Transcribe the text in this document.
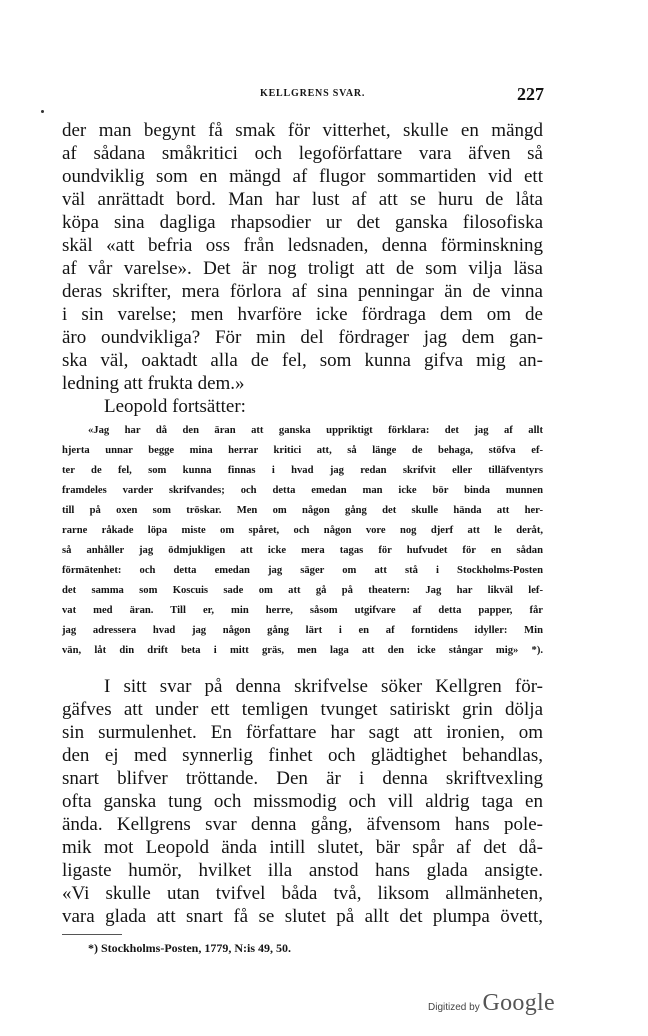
KELLGRENS SVAR.	227
der man begynt få smak för vitterhet, skulle en mängd
af sådana småkritici och legoförfattare vara äfven så
oundviklig som en mängd af flugor sommartiden vid ett
väl anrättadt bord. Man har lust af att se huru de låta
köpa sina dagliga rhapsodier ur det ganska filosofiska
skäl «att befria oss från ledsnaden, denna förminskning
af vår varelse». Det är nog troligt att de som vilja läsa
deras skrifter, mera förlora af sina penningar än de vinna
i sin varelse; men hvarföre icke fördraga dem om de
äro oundvikliga? För min del fördrager jag dem gan-
ska väl, oaktadt alla de fel, som kunna gifva mig an-
ledning att frukta dem.»
Leopold fortsätter:
«Jag har då den äran att ganska uppriktigt förklara: det jag af allt
hjerta unnar begge mina herrar kritici att, så länge de behaga, stöfva ef-
ter de fel, som kunna finnas i hvad jag redan skrifvit eller tilläfventyrs
framdeles varder skrifvandes; och detta emedan man icke bör binda munnen
till på oxen som tröskar. Men om någon gång det skulle hända att her-
rarne råkade löpa miste om spåret, och någon vore nog djerf att le deråt,
så anhåller jag ödmjukligen att icke mera tagas för hufvudet för en sådan
förmätenhet: och detta emedan jag säger om att stå i Stockholms-Posten
det samma som Koscuis sade om att gå på theatern: Jag har likväl lef-
vat med äran. Till er, min herre, såsom utgifvare af detta papper, får
jag adressera hvad jag någon gång lärt i en af forntidens idyller: Min
vän, låt din drift beta i mitt gräs, men laga att den icke stångar mig» *).
I sitt svar på denna skrifvelse söker Kellgren för-
gäfves att under ett temligen tvunget satiriskt grin dölja
sin surmulenhet. En författare har sagt att ironien, om
den ej med synnerlig finhet och glädtighet behandlas,
snart blifver tröttande. Den är i denna skriftvexling
ofta ganska tung och missmodig och vill aldrig taga en
ända. Kellgrens svar denna gång, äfvensom hans pole-
mik mot Leopold ända intill slutet, bär spår af det då-
ligaste humör, hvilket illa anstod hans glada ansigte.
«Vi skulle utan tvifvel båda två, liksom allmänheten,
vara glada att snart få se slutet på allt det plumpa övett,
*) Stockholms-Posten, 1779, N:is 49, 50.
Digitized by Google
